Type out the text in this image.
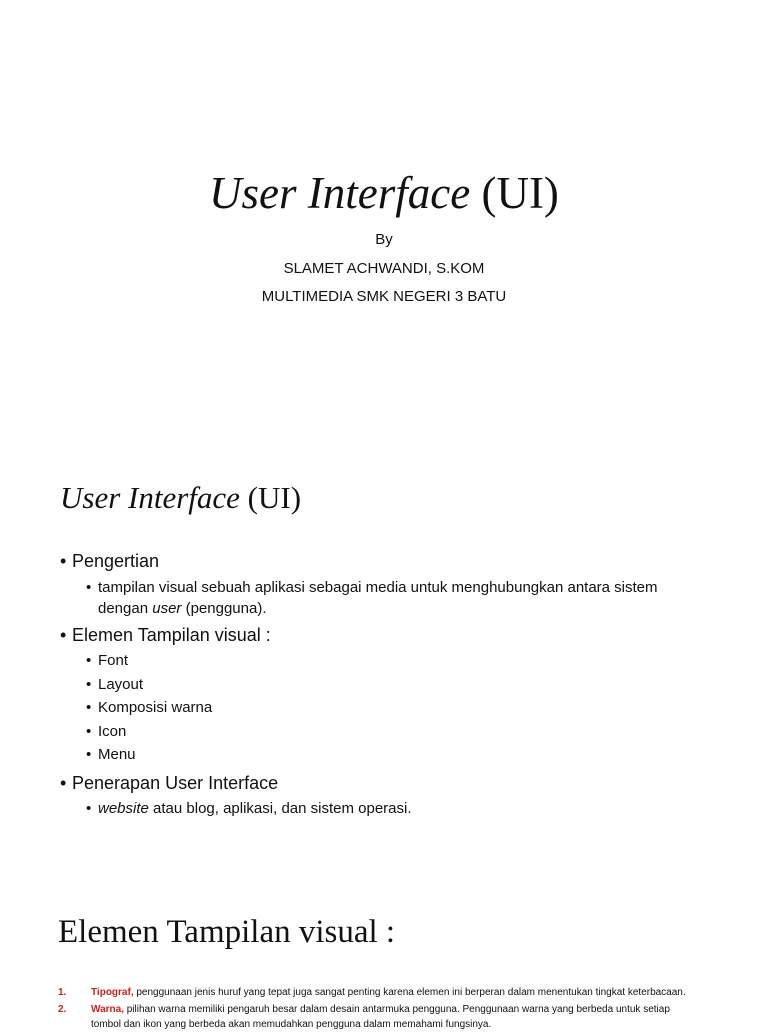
User Interface (UI)
By
SLAMET ACHWANDI, S.KOM
MULTIMEDIA SMK NEGERI 3 BATU
User Interface (UI)
• Pengertian
• tampilan visual sebuah aplikasi sebagai media untuk menghubungkan antara sistem dengan user (pengguna).
• Elemen Tampilan visual :
• Font
• Layout
• Komposisi warna
• Icon
• Menu
• Penerapan User Interface
• website atau blog, aplikasi, dan sistem operasi.
Elemen Tampilan visual :
1. Tipograf, penggunaan jenis huruf yang tepat juga sangat penting karena elemen ini berperan dalam menentukan tingkat keterbacaan.
2. Warna, pilihan warna memiliki pengaruh besar dalam desain antarmuka pengguna. Penggunaan warna yang berbeda untuk setiap
tombol dan ikon yang berbeda akan memudahkan pengguna dalam memahami fungsinya.
